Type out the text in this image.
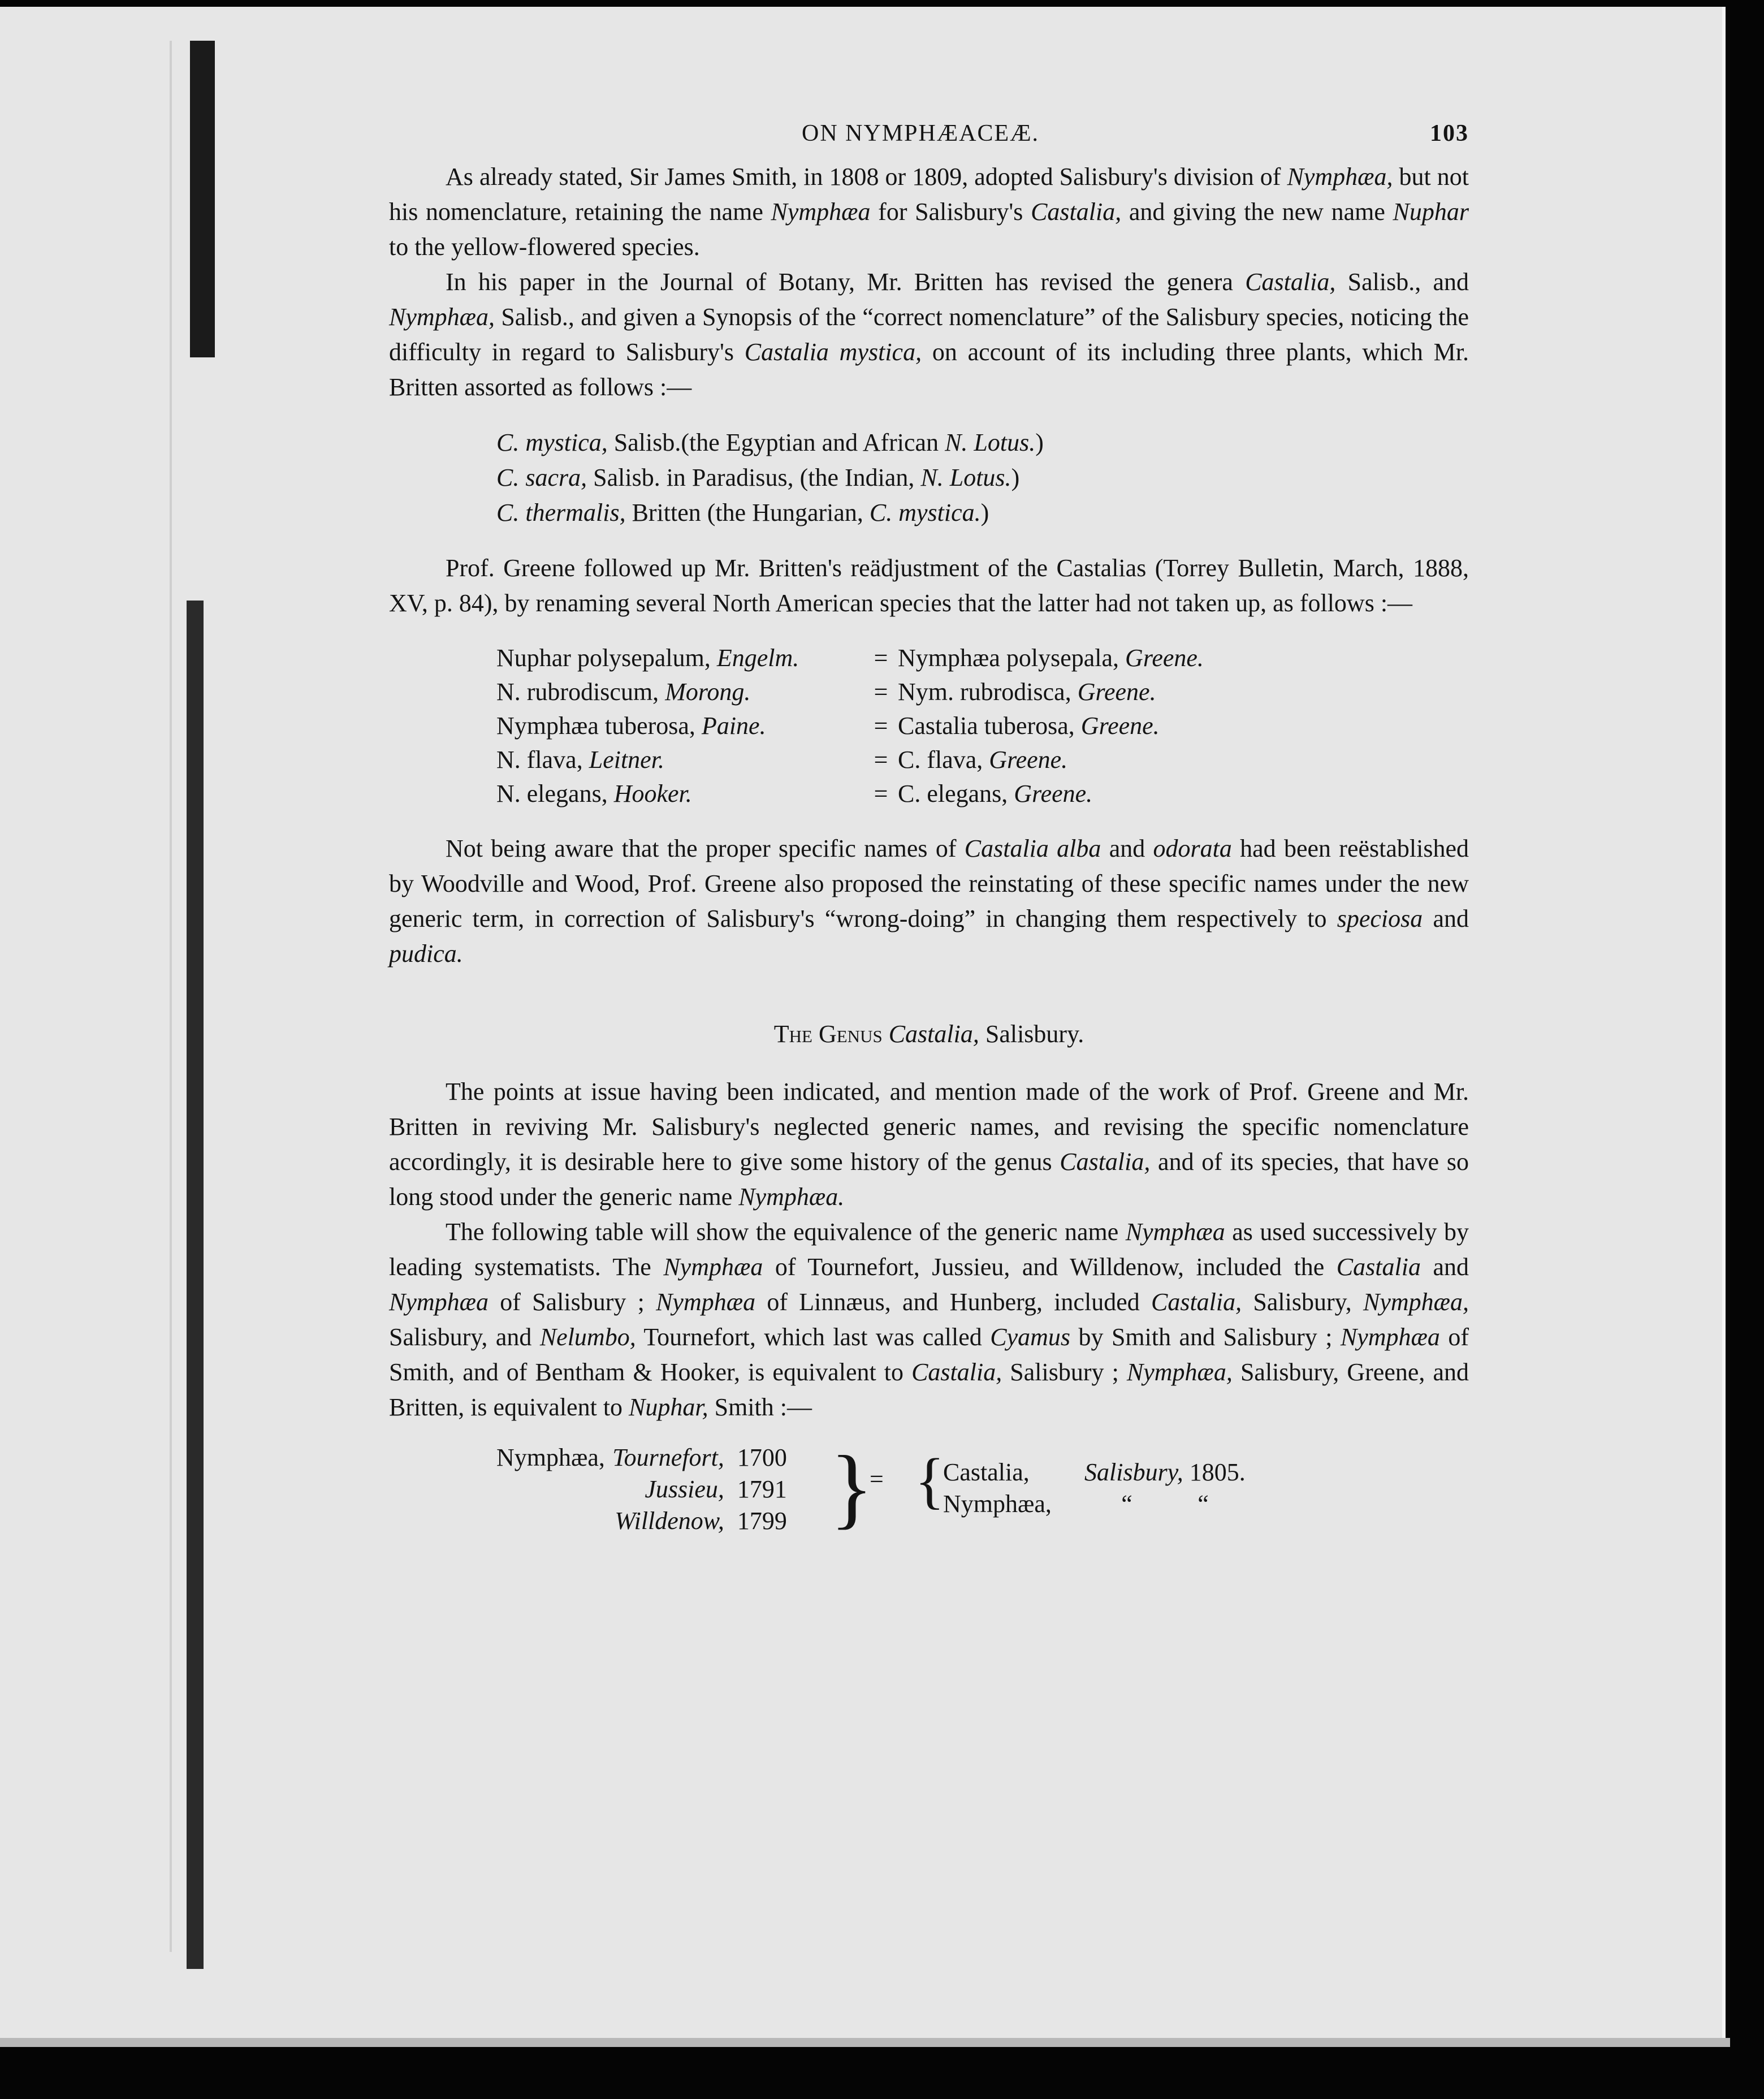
ON NYMPHÆACEÆ.	103

As already stated, Sir James Smith, in 1808 or 1809, adopted Salisbury's division of Nymphæa, but not his nomenclature, retaining the name Nymphæa for Salisbury's Castalia, and giving the new name Nuphar to the yellow-flowered species.

In his paper in the Journal of Botany, Mr. Britten has revised the genera Castalia, Salisb., and Nymphæa, Salisb., and given a Synopsis of the “correct nomenclature” of the Salisbury species, noticing the difficulty in regard to Salisbury's Castalia mystica, on account of its including three plants, which Mr. Britten assorted as follows :—

C. mystica, Salisb.(the Egyptian and African N. Lotus.)
C. sacra, Salisb. in Paradisus, (the Indian, N. Lotus.)
C. thermalis, Britten (the Hungarian, C. mystica.)

Prof. Greene followed up Mr. Britten's reädjustment of the Castalias (Torrey Bulletin, March, 1888, XV, p. 84), by renaming several North American species that the latter had not taken up, as follows :—

Nuphar polysepalum, Engelm.	=	Nymphæa polysepala, Greene.
N. rubrodiscum, Morong.	=	Nym. rubrodisca, Greene.
Nymphæa tuberosa, Paine.	=	Castalia tuberosa, Greene.
N. flava, Leitner.	=	C. flava, Greene.
N. elegans, Hooker.	=	C. elegans, Greene.

Not being aware that the proper specific names of Castalia alba and odorata had been reëstablished by Woodville and Wood, Prof. Greene also proposed the reinstating of these specific names under the new generic term, in correction of Salisbury's “wrong-doing” in changing them respectively to speciosa and pudica.

The Genus Castalia, Salisbury.

The points at issue having been indicated, and mention made of the work of Prof. Greene and Mr. Britten in reviving Mr. Salisbury's neglected generic names, and revising the specific nomenclature accordingly, it is desirable here to give some history of the genus Castalia, and of its species, that have so long stood under the generic name Nymphæa.

The following table will show the equivalence of the generic name Nymphæa as used successively by leading systematists. The Nymphæa of Tournefort, Jussieu, and Willdenow, included the Castalia and Nymphæa of Salisbury ; Nymphæa of Linnæus, and Hunberg, included Castalia, Salisbury, Nymphæa, Salisbury, and Nelumbo, Tournefort, which last was called Cyamus by Smith and Salisbury ; Nymphæa of Smith, and of Bentham & Hooker, is equivalent to Castalia, Salisbury ; Nymphæa, Salisbury, Greene, and Britten, is equivalent to Nuphar, Smith :—

Nymphæa, Tournefort, 1700
Jussieu, 1791
Willdenow, 1799 }
= {
Castalia, Salisbury, 1805.
Nymphæa,	“	“
